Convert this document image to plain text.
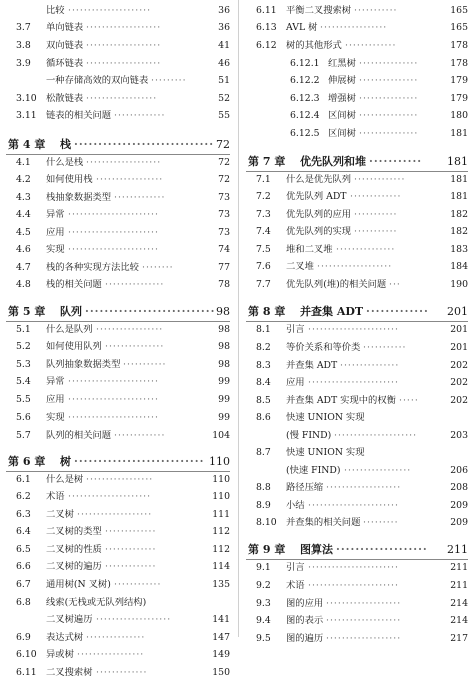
比较	36
·····················
3.7 单向链表	36
···················
3.8 双向链表	41
···················
3.9 循环链表	46
···················
一种存储高效的双向链表	51
·········
3.10 松散链表	52
··················
3.11 链表的相关问题	55
·············
第 4 章 栈	72
·····························
4.1 什么是栈	72
···················
4.2 如何使用栈	72
·················
4.3 栈抽象数据类型	73
·············
4.4 异常	73
·······················
4.5 应用	73
·······················
4.6 实现	74
·······················
4.7 栈的各种实现方法比较	77
········
4.8 栈的相关问题	78
···············
第 5 章 队列	98
···························
5.1 什么是队列	98
·················
5.2 如何使用队列	98
···············
5.3 队列抽象数据类型	98
···········
5.4 异常	99
·······················
5.5 应用	99
·······················
5.6 实现	99
·······················
5.7 队列的相关问题	104
·············
第 6 章 树	110
···························
6.1 什么是树	110
·················
6.2 术语	110
·····················
6.3 二叉树	111
···················
6.4 二叉树的类型	112
·············
6.5 二叉树的性质	112
·············
6.6 二叉树的遍历	114
·············
6.7 通用树(N 叉树)	135
············
6.8 线索(无栈或无队列结构)
二叉树遍历	141
···················
6.9 表达式树	147
···············
6.10 异或树	149
·················
6.11 二叉搜索树	150
·············
6.11 平衡二叉搜索树	165
···········
6.13 AVL 树	165
·················
6.12 树的其他形式	178
·············
6.12.1 红黑树	178
···············
6.12.2 伸展树	179
···············
6.12.3 增强树	179
···············
6.12.4 区间树	180
···············
6.12.5 区间树	181
···············
第 7 章 优先队列和堆	181
···········
7.1 什么是优先队列	181
·············
7.2 优先队列 ADT	181
·············
7.3 优先队列的应用	182
···········
7.4 优先队列的实现	182
···········
7.5 堆和二叉堆	183
···············
7.6 二叉堆	184
···················
7.7 优先队列(堆)的相关问题	190
···
第 8 章 并查集 ADT	201
·············
8.1 引言	201
·······················
8.2 等价关系和等价类	201
···········
8.3 并查集 ADT	202
···············
8.4 应用	202
·······················
8.5 并查集 ADT 实现中的权衡	202
·····
8.6 快速 UNION 实现
(慢 FIND)	203
·····················
8.7 快速 UNION 实现
(快速 FIND)	206
·················
8.8 路径压缩	208
···················
8.9 小结	209
·······················
8.10 并查集的相关问题	209
·········
第 9 章 图算法	211
···················
9.1 引言	211
·······················
9.2 术语	211
·······················
9.3 图的应用	214
···················
9.4 图的表示	214
···················
9.5 图的遍历	217
···················
